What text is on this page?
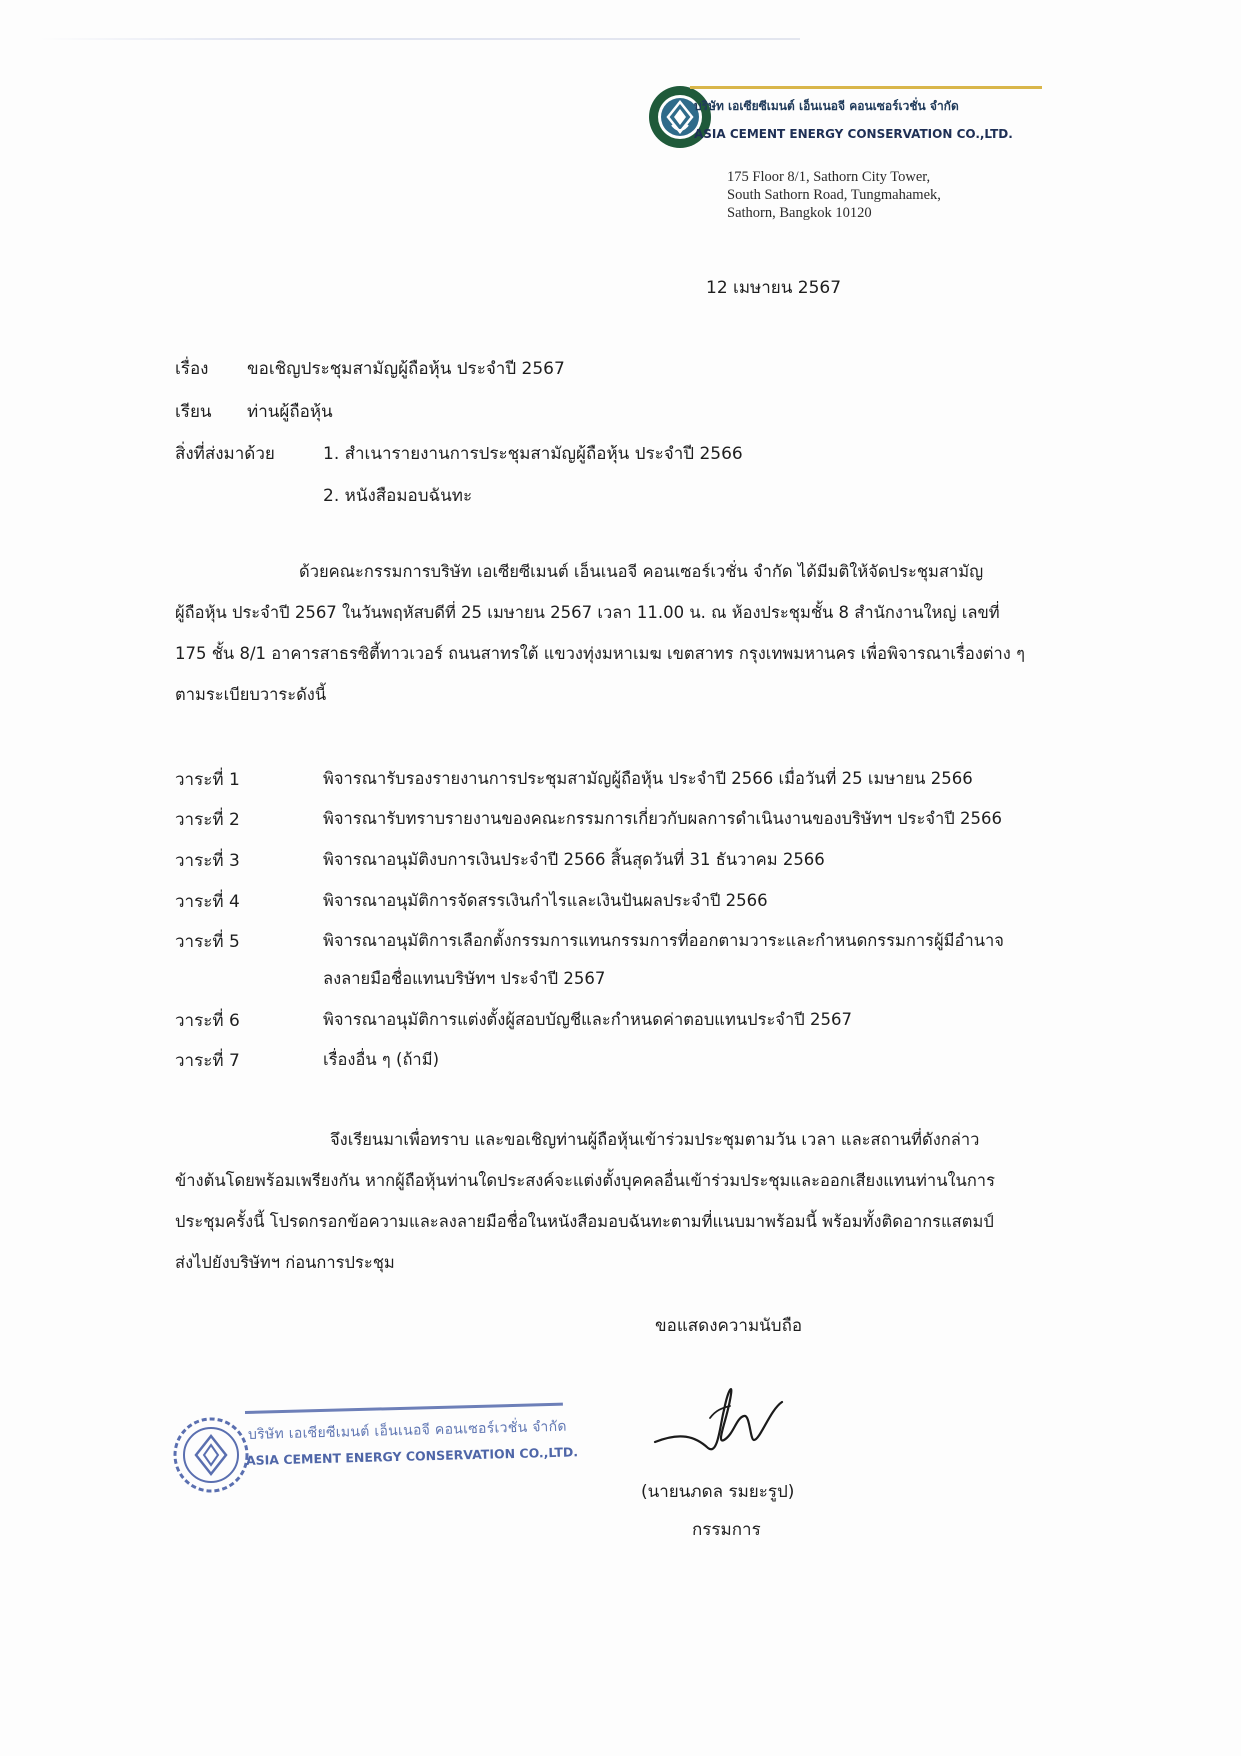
บริษัท เอเซียซีเมนต์ เอ็นเนอจี คอนเซอร์เวชั่น จำกัด
ASIA CEMENT ENERGY CONSERVATION CO.,LTD.
175 Floor 8/1, Sathorn City Tower,
South Sathorn Road, Tungmahamek,
Sathorn, Bangkok 10120
12 เมษายน 2567
เรื่อง ขอเชิญประชุมสามัญผู้ถือหุ้น ประจำปี 2567
เรียน ท่านผู้ถือหุ้น
สิ่งที่ส่งมาด้วย	1. สำเนารายงานการประชุมสามัญผู้ถือหุ้น ประจำปี 2566
2. หนังสือมอบฉันทะ
ด้วยคณะกรรมการบริษัท เอเซียซีเมนต์ เอ็นเนอจี คอนเซอร์เวชั่น จำกัด ได้มีมติให้จัดประชุมสามัญ
ผู้ถือหุ้น ประจำปี 2567 ในวันพฤหัสบดีที่ 25 เมษายน 2567 เวลา 11.00 น. ณ ห้องประชุมชั้น 8 สำนักงานใหญ่ เลขที่
175 ชั้น 8/1 อาคารสาธรซิตี้ทาวเวอร์ ถนนสาทรใต้ แขวงทุ่งมหาเมฆ เขตสาทร กรุงเทพมหานคร เพื่อพิจารณาเรื่องต่าง ๆ
ตามระเบียบวาระดังนี้
วาระที่ 1	พิจารณารับรองรายงานการประชุมสามัญผู้ถือหุ้น ประจำปี 2566 เมื่อวันที่ 25 เมษายน 2566
วาระที่ 2	พิจารณารับทราบรายงานของคณะกรรมการเกี่ยวกับผลการดำเนินงานของบริษัทฯ ประจำปี 2566
วาระที่ 3	พิจารณาอนุมัติงบการเงินประจำปี 2566 สิ้นสุดวันที่ 31 ธันวาคม 2566
วาระที่ 4	พิจารณาอนุมัติการจัดสรรเงินกำไรและเงินปันผลประจำปี 2566
วาระที่ 5	พิจารณาอนุมัติการเลือกตั้งกรรมการแทนกรรมการที่ออกตามวาระและกำหนดกรรมการผู้มีอำนาจ
ลงลายมือชื่อแทนบริษัทฯ ประจำปี 2567
วาระที่ 6	พิจารณาอนุมัติการแต่งตั้งผู้สอบบัญชีและกำหนดค่าตอบแทนประจำปี 2567
วาระที่ 7	เรื่องอื่น ๆ (ถ้ามี)
จึงเรียนมาเพื่อทราบ และขอเชิญท่านผู้ถือหุ้นเข้าร่วมประชุมตามวัน เวลา และสถานที่ดังกล่าว
ข้างต้นโดยพร้อมเพรียงกัน หากผู้ถือหุ้นท่านใดประสงค์จะแต่งตั้งบุคคลอื่นเข้าร่วมประชุมและออกเสียงแทนท่านในการ
ประชุมครั้งนี้ โปรดกรอกข้อความและลงลายมือชื่อในหนังสือมอบฉันทะตามที่แนบมาพร้อมนี้ พร้อมทั้งติดอากรแสตมป์
ส่งไปยังบริษัทฯ ก่อนการประชุม
ขอแสดงความนับถือ
(นายนภดล รมยะรูป)
กรรมการ
บริษัท เอเซียซีเมนต์ เอ็นเนอจี คอนเซอร์เวชั่น จำกัด
ASIA CEMENT ENERGY CONSERVATION CO.,LTD.
